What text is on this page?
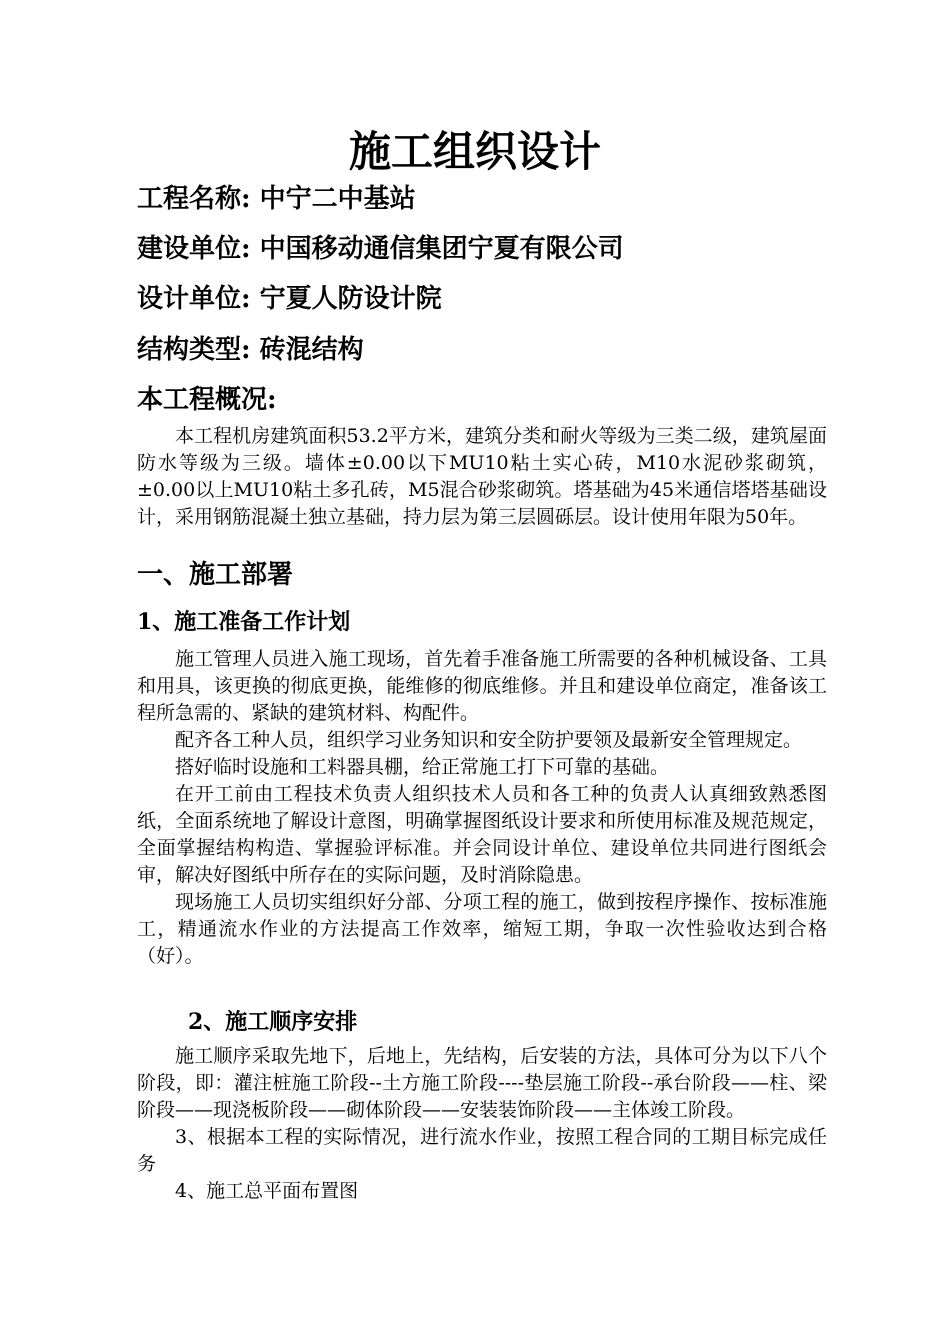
施工组织设计
工程名称: 中宁二中基站
建设单位: 中国移动通信集团宁夏有限公司
设计单位: 宁夏人防设计院
结构类型: 砖混结构
本工程概况:

本工程机房建筑面积53.2平方米，建筑分类和耐火等级为三类二级，建筑屋面防水等级为三级。墙体±0.00以下MU10粘土实心砖，M10水泥砂浆砌筑，±0.00以上MU10粘土多孔砖，M5混合砂浆砌筑。塔基础为45米通信塔塔基础设计，采用钢筋混凝土独立基础，持力层为第三层圆砾层。设计使用年限为50年。

一、施工部署
1、施工准备工作计划

施工管理人员进入施工现场，首先着手准备施工所需要的各种机械设备、工具和用具，该更换的彻底更换，能维修的彻底维修。并且和建设单位商定，准备该工程所急需的、紧缺的建筑材料、构配件。

配齐各工种人员，组织学习业务知识和安全防护要领及最新安全管理规定。

搭好临时设施和工料器具棚，给正常施工打下可靠的基础。

在开工前由工程技术负责人组织技术人员和各工种的负责人认真细致熟悉图纸，全面系统地了解设计意图，明确掌握图纸设计要求和所使用标准及规范规定，全面掌握结构构造、掌握验评标准。并会同设计单位、建设单位共同进行图纸会审，解决好图纸中所存在的实际问题，及时消除隐患。

现场施工人员切实组织好分部、分项工程的施工，做到按程序操作、按标准施工，精通流水作业的方法提高工作效率，缩短工期，争取一次性验收达到合格（好）。

2、施工顺序安排

施工顺序采取先地下，后地上，先结构，后安装的方法，具体可分为以下八个阶段，即：灌注桩施工阶段--土方施工阶段----垫层施工阶段--承台阶段——柱、梁阶段——现浇板阶段——砌体阶段——安装装饰阶段——主体竣工阶段。

3、根据本工程的实际情况，进行流水作业，按照工程合同的工期目标完成任务

4、施工总平面布置图
